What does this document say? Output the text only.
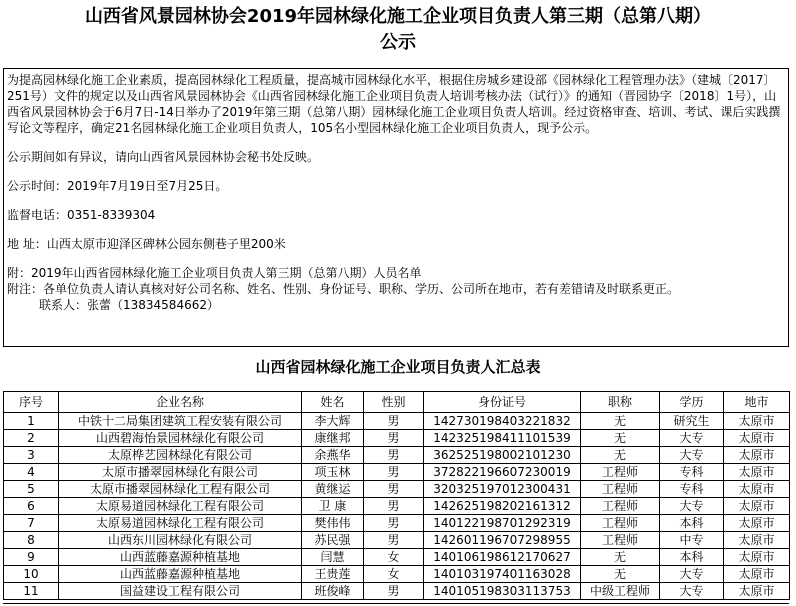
山西省风景园林协会2019年园林绿化施工企业项目负责人第三期（总第八期）
公示

为提高园林绿化施工企业素质，提高园林绿化工程质量，提高城市园林绿化水平，根据住房城乡建设部《园林绿化工程管理办法》（建城〔2017〕251号）文件的规定以及山西省风景园林协会《山西省园林绿化施工企业项目负责人培训考核办法（试行）》的通知（晋园协字〔2018〕1号），山西省风景园林协会于6月7日-14日举办了2019年第三期（总第八期）园林绿化施工企业项目负责人培训。经过资格审查、培训、考试、课后实践撰写论文等程序，确定21名园林绿化施工企业项目负责人，105名小型园林绿化施工企业项目负责人，现予公示。

公示期间如有异议，请向山西省风景园林协会秘书处反映。

公示时间：2019年7月19日至7月25日。

监督电话：0351-8339304

地 址：山西太原市迎泽区碑林公园东侧巷子里200米

附：2019年山西省园林绿化施工企业项目负责人第三期（总第八期）人员名单

附注：各单位负责人请认真核对好公司名称、姓名、性别、身份证号、职称、学历、公司所在地市，若有差错请及时联系更正。

联系人：张蕾（13834584662）

山西省园林绿化施工企业项目负责人汇总表
序号	企业名称	姓名	性别	身份证号	职称	学历	地市
1	中铁十二局集团建筑工程安装有限公司	李大辉	男	142730198403221832	无	研究生	太原市
2	山西碧海怡景园林绿化有限公司	康继邦	男	142325198411101539	无	大专	太原市
3	太原桦艺园林绿化有限公司	余燕华	男	362525198002101230	无	大专	太原市
4	太原市播翠园林绿化有限公司	项玉林	男	372822196607230019	工程师	专科	太原市
5	太原市播翠园林绿化工程有限公司	黄继运	男	320325197012300431	工程师	专科	太原市
6	太原易道园林绿化工程有限公司	卫 康	男	142625198202161312	工程师	大专	太原市
7	太原易道园林绿化工程有限公司	樊伟伟	男	140122198701292319	工程师	本科	太原市
8	山西东川园林绿化有限公司	苏民强	男	142601196707298955	工程师	中专	太原市
9	山西蓝藤嘉源种植基地	闫慧	女	140106198612170627	无	本科	太原市
10	山西蓝藤嘉源种植基地	王贵莲	女	140103197401163028	无	大专	太原市
11	国益建设工程有限公司	班俊峰	男	140105198303113753	中级工程师	大专	太原市
